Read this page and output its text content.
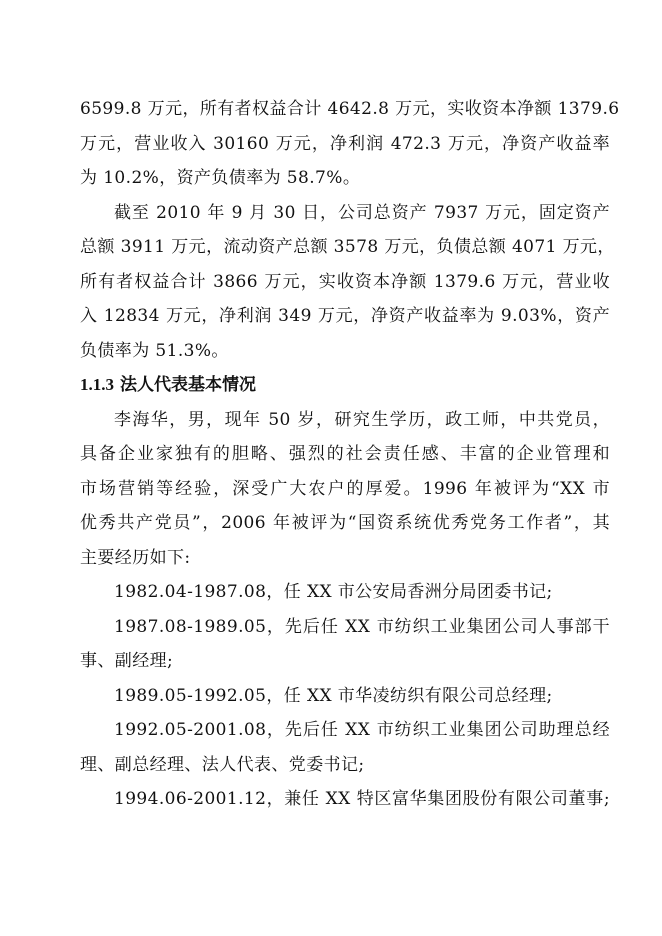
6599.8 万元，所有者权益合计 4642.8 万元，实收资本净额 1379.6
万元，营业收入 30160 万元，净利润 472.3 万元，净资产收益率
为 10.2%，资产负债率为 58.7%。
截至 2010 年 9 月 30 日，公司总资产 7937 万元，固定资产
总额 3911 万元，流动资产总额 3578 万元，负债总额 4071 万元，
所有者权益合计 3866 万元，实收资本净额 1379.6 万元，营业收
入 12834 万元，净利润 349 万元，净资产收益率为 9.03%，资产
负债率为 51.3%。
1.1.3 法人代表基本情况
李海华，男，现年 50 岁，研究生学历，政工师，中共党员，
具备企业家独有的胆略、强烈的社会责任感、丰富的企业管理和
市场营销等经验，深受广大农户的厚爱。1996 年被评为“XX 市
优秀共产党员”，2006 年被评为“国资系统优秀党务工作者”，其
主要经历如下:
1982.04-1987.08，任 XX 市公安局香洲分局团委书记;
1987.08-1989.05，先后任 XX 市纺织工业集团公司人事部干
事、副经理;
1989.05-1992.05，任 XX 市华凌纺织有限公司总经理;
1992.05-2001.08，先后任 XX 市纺织工业集团公司助理总经
理、副总经理、法人代表、党委书记;
1994.06-2001.12，兼任 XX 特区富华集团股份有限公司董事;
